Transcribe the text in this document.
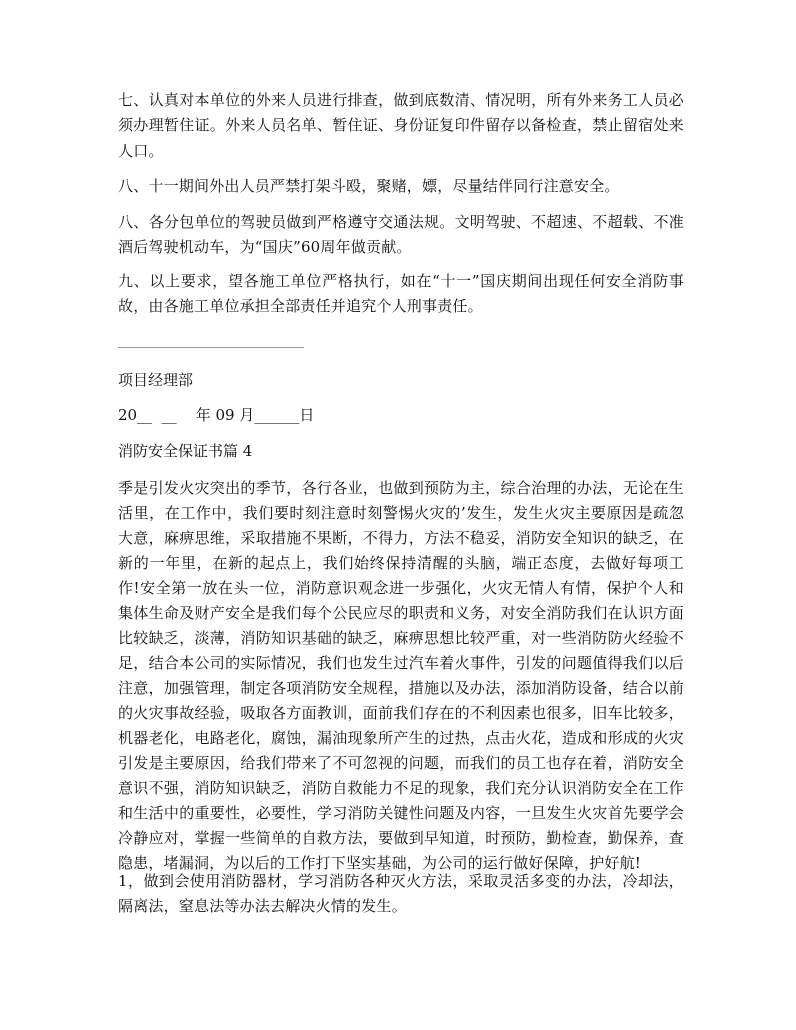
七、认真对本单位的外来人员进行排查，做到底数清、情况明，所有外来务工人员必须办理暂住证。外来人员名单、暂住证、身份证复印件留存以备检查，禁止留宿处来人口。

八、十一期间外出人员严禁打架斗殴，聚赌，嫖，尽量结伴同行注意安全。

八、各分包单位的驾驶员做到严格遵守交通法规。文明驾驶、不超速、不超载、不准酒后驾驶机动车，为“国庆”60周年做贡献。

九、以上要求，望各施工单位严格执行，如在“十一”国庆期间出现任何安全消防事故，由各施工单位承担全部责任并追究个人刑事责任。

项目经理部

20__  __    年 09 月______日

消防安全保证书篇 4

季是引发火灾突出的季节，各行各业，也做到预防为主，综合治理的办法，无论在生活里，在工作中，我们要时刻注意时刻警惕火灾的’发生，发生火灾主要原因是疏忽大意，麻痹思维，采取措施不果断，不得力，方法不稳妥，消防安全知识的缺乏，在新的一年里，在新的起点上，我们始终保持清醒的头脑，端正态度，去做好每项工作!安全第一放在头一位，消防意识观念进一步强化，火灾无情人有情，保护个人和集体生命及财产安全是我们每个公民应尽的职责和义务，对安全消防我们在认识方面比较缺乏，淡薄，消防知识基础的缺乏，麻痹思想比较严重，对一些消防防火经验不足，结合本公司的实际情况，我们也发生过汽车着火事件，引发的问题值得我们以后注意，加强管理，制定各项消防安全规程，措施以及办法，添加消防设备，结合以前的火灾事故经验，吸取各方面教训，面前我们存在的不利因素也很多，旧车比较多，机器老化，电路老化，腐蚀，漏油现象所产生的过热，点击火花，造成和形成的火灾引发是主要原因，给我们带来了不可忽视的问题，而我们的员工也存在着，消防安全意识不强，消防知识缺乏，消防自救能力不足的现象，我们充分认识消防安全在工作和生活中的重要性，必要性，学习消防关键性问题及内容，一旦发生火灾首先要学会冷静应对，掌握一些简单的自救方法，要做到早知道，时预防，勤检查，勤保养，查隐患，堵漏洞，为以后的工作打下坚实基础，为公司的运行做好保障，护好航!

1，做到会使用消防器材，学习消防各种灭火方法，采取灵活多变的办法，冷却法，隔离法，窒息法等办法去解决火情的发生。
